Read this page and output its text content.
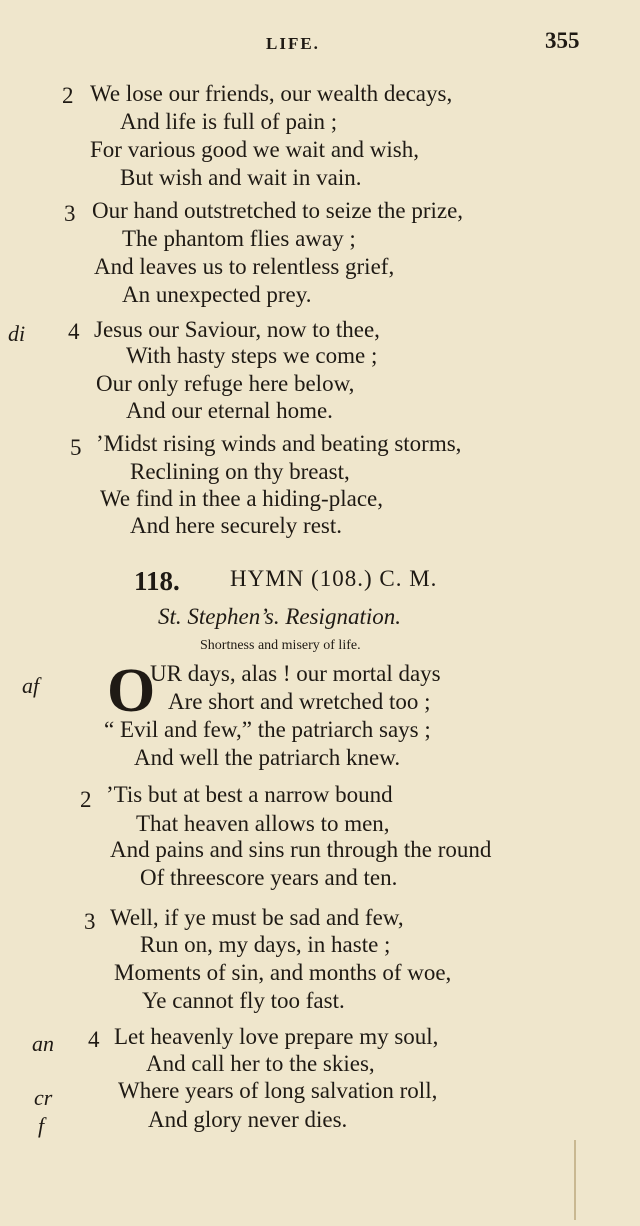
LIFE.	355
2 We lose our friends, our wealth decays,
And life is full of pain ;
For various good we wait and wish,
But wish and wait in vain.
3 Our hand outstretched to seize the prize,
The phantom flies away ;
And leaves us to relentless grief,
An unexpected prey.
di 4 Jesus our Saviour, now to thee,
With hasty steps we come ;
Our only refuge here below,
And our eternal home.
5 ’Midst rising winds and beating storms,
Reclining on thy breast,
We find in thee a hiding-place,
And here securely rest.
118. HYMN (108.) C. M.
St. Stephen’s. Resignation.
Shortness and misery of life.
af O
UR days, alas ! our mortal days
Are short and wretched too ;
“ Evil and few,” the patriarch says ;
And well the patriarch knew.
2 ’Tis but at best a narrow bound
That heaven allows to men,
And pains and sins run through the round
Of threescore years and ten.
3 Well, if ye must be sad and few,
Run on, my days, in haste ;
Moments of sin, and months of woe,
Ye cannot fly too fast.
an 4 Let heavenly love prepare my soul,
And call her to the skies,
cr	Where years of long salvation roll,
f	And glory never dies.
